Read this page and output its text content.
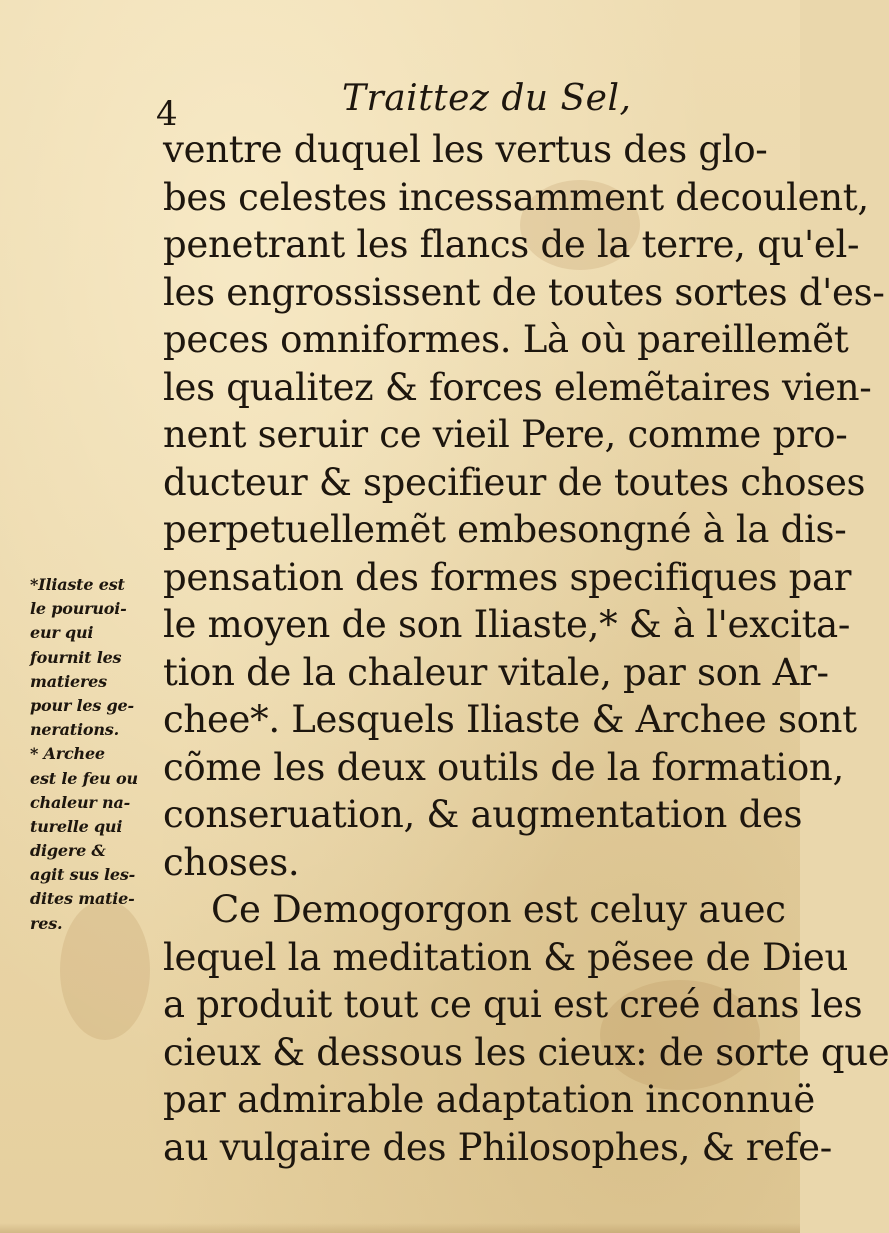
4	Traittez du Sel,
ventre duquel les vertus des glo-
bes celestes incessamment decoulent,
penetrant les flancs de la terre, qu'el-
les engrossissent de toutes sortes d'es-
peces omniformes. Là où pareillemẽt
les qualitez & forces elemẽtaires vien-
nent seruir ce vieil Pere, comme pro-
ducteur & specifieur de toutes choses
perpetuellemẽt embesongné à la dis-
pensation des formes specifiques par
le moyen de son Iliaste,* & à l'excita-
tion de la chaleur vitale, par son Ar-
chee*. Lesquels Iliaste & Archee sont
cõme les deux outils de la formation,
conseruation, & augmentation des
choses.
Ce Demogorgon est celuy auec
lequel la meditation & pẽsee de Dieu
a produit tout ce qui est creé dans les
cieux & dessous les cieux: de sorte que
par admirable adaptation inconnuë
au vulgaire des Philosophes, & refe-
*Iliaste est
le pouruoi-
eur qui
fournit les
matieres
pour les ge-
nerations.
* Archee
est le feu ou
chaleur na-
turelle qui
digere &
agit sus les-
dites matie-
res.
